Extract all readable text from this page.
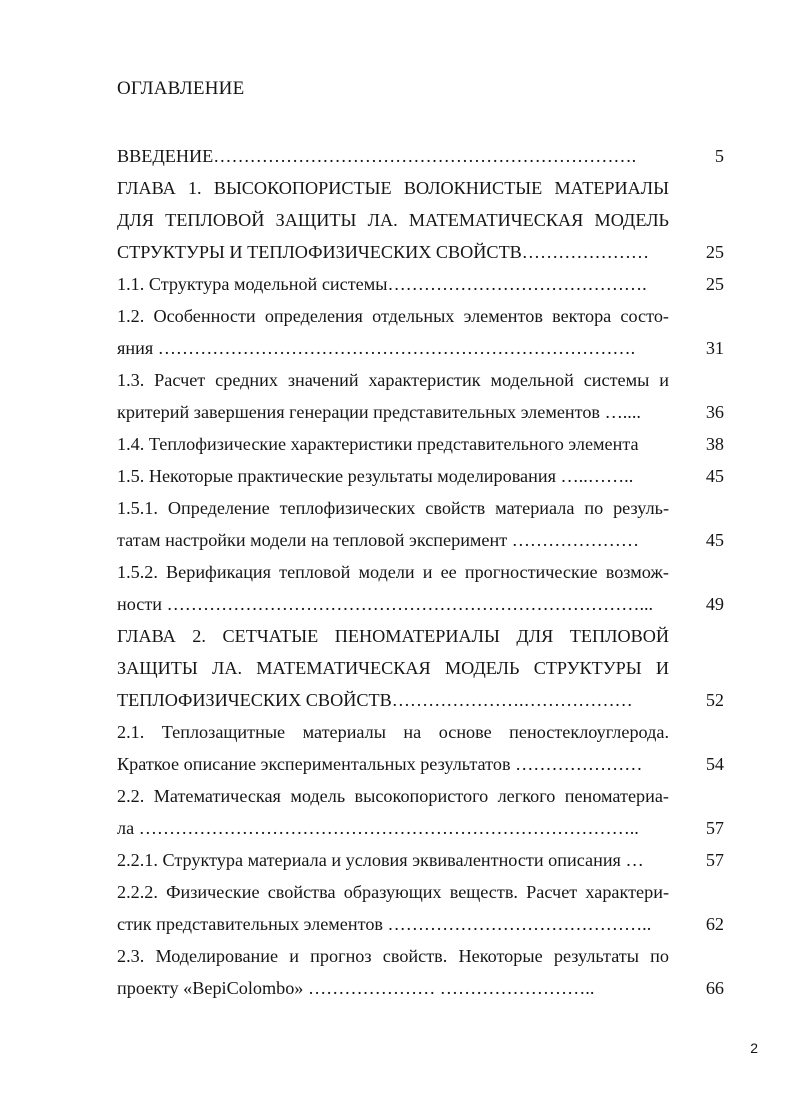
ОГЛАВЛЕНИЕ
ВВЕДЕНИЕ…………………………………………………………….	5
ГЛАВА 1. ВЫСОКОПОРИСТЫЕ ВОЛОКНИСТЫЕ МАТЕРИАЛЫ
ДЛЯ ТЕПЛОВОЙ ЗАЩИТЫ ЛА. МАТЕМАТИЧЕСКАЯ МОДЕЛЬ
СТРУКТУРЫ И ТЕПЛОФИЗИЧЕСКИХ СВОЙСТВ…………………	25
1.1. Структура модельной системы…………………………………….	25
1.2. Особенности определения отдельных элементов вектора состо-
яния …………………………………………………………………….	31
1.3. Расчет средних значений характеристик модельной системы и
критерий завершения генерации представительных элементов …....	36
1.4. Теплофизические характеристики представительного элемента	38
1.5. Некоторые практические результаты моделирования …..……..	45
1.5.1. Определение теплофизических свойств материала по резуль-
татам настройки модели на тепловой эксперимент …………………	45
1.5.2. Верификация тепловой модели и ее прогностические возмож-
ности ……………………………………………………………………...	49
ГЛАВА 2. СЕТЧАТЫЕ ПЕНОМАТЕРИАЛЫ ДЛЯ ТЕПЛОВОЙ
ЗАЩИТЫ ЛА. МАТЕМАТИЧЕСКАЯ МОДЕЛЬ СТРУКТУРЫ И
ТЕПЛОФИЗИЧЕСКИХ СВОЙСТВ………………….………………	52
2.1. Теплозащитные материалы на основе пеностеклоуглерода.
Краткое описание экспериментальных результатов …………………	54
2.2. Математическая модель высокопористого легкого пеноматериа-
ла ………………………………………………………………………..	57
2.2.1. Структура материала и условия эквивалентности описания …	57
2.2.2. Физические свойства образующих веществ. Расчет характери-
стик представительных элементов ……………………………………..	62
2.3. Моделирование и прогноз свойств. Некоторые результаты по
проекту «BepiColombo» ………………… ……………………..	66
2
